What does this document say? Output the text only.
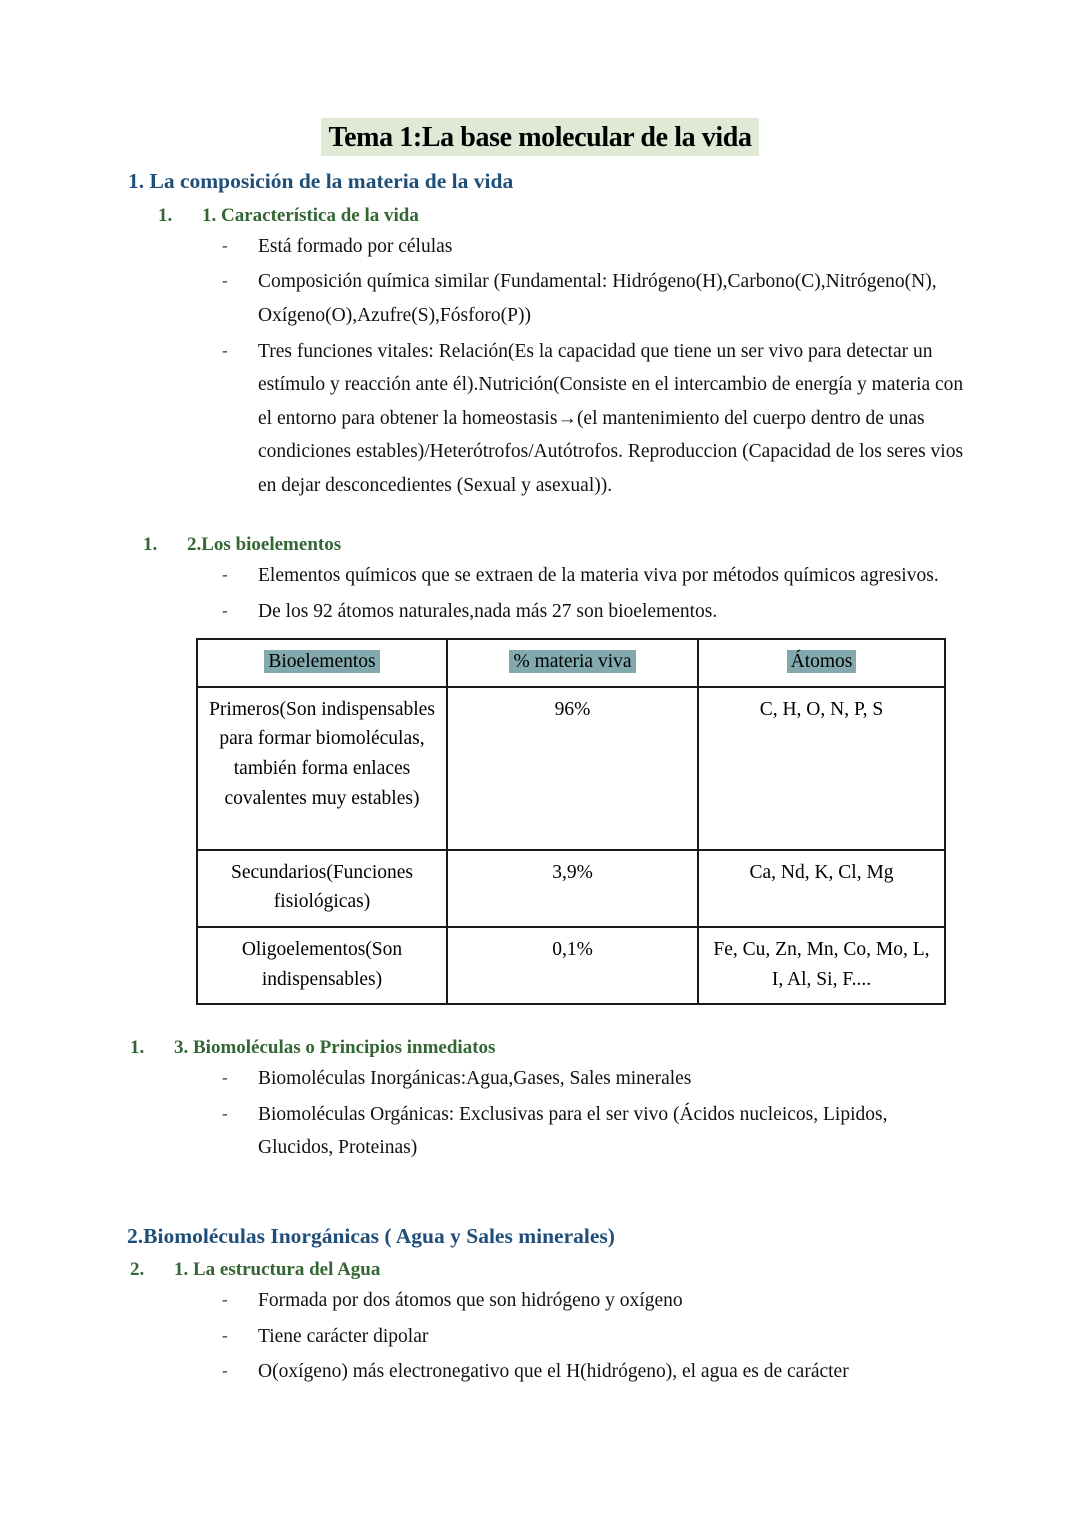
Tema 1:La base molecular de la vida
1. La composición de la materia de la vida
1.	1. Característica de la vida
-	Está formado por células
-	Composición química similar (Fundamental: Hidrógeno(H),Carbono(C),Nitrógeno(N), Oxígeno(O),Azufre(S),Fósforo(P))
-	Tres funciones vitales: Relación(Es la capacidad que tiene un ser vivo para detectar un estímulo y reacción ante él).Nutrición(Consiste en el intercambio de energía y materia con el entorno para obtener la homeostasis→(el mantenimiento del cuerpo dentro de unas condiciones estables)/Heterótrofos/Autótrofos. Reproduccion (Capacidad de los seres vios en dejar desconcedientes (Sexual y asexual)).
1.	2.Los bioelementos
-	Elementos químicos que se extraen de la materia viva por métodos químicos agresivos.
-	De los 92 átomos naturales,nada más 27 son bioelementos.
Bioelementos	% materia viva	Átomos
Primeros(Son indispensables para formar biomoléculas, también forma enlaces covalentes muy estables)	96%	C, H, O, N, P, S
Secundarios(Funciones fisiológicas)	3,9%	Ca, Nd, K, Cl, Mg
Oligoelementos(Son indispensables)	0,1%	Fe, Cu, Zn, Mn, Co, Mo, L, I, Al, Si, F....
1.	3. Biomoléculas o Principios inmediatos
-	Biomoléculas Inorgánicas:Agua,Gases, Sales minerales
-	Biomoléculas Orgánicas: Exclusivas para el ser vivo (Ácidos nucleicos, Lipidos, Glucidos, Proteinas)
2.Biomoléculas Inorgánicas ( Agua y Sales minerales)
2.	1. La estructura del Agua
-	Formada por dos átomos que son hidrógeno y oxígeno
-	Tiene carácter dipolar
-	O(oxígeno) más electronegativo que el H(hidrógeno), el agua es de carácter
